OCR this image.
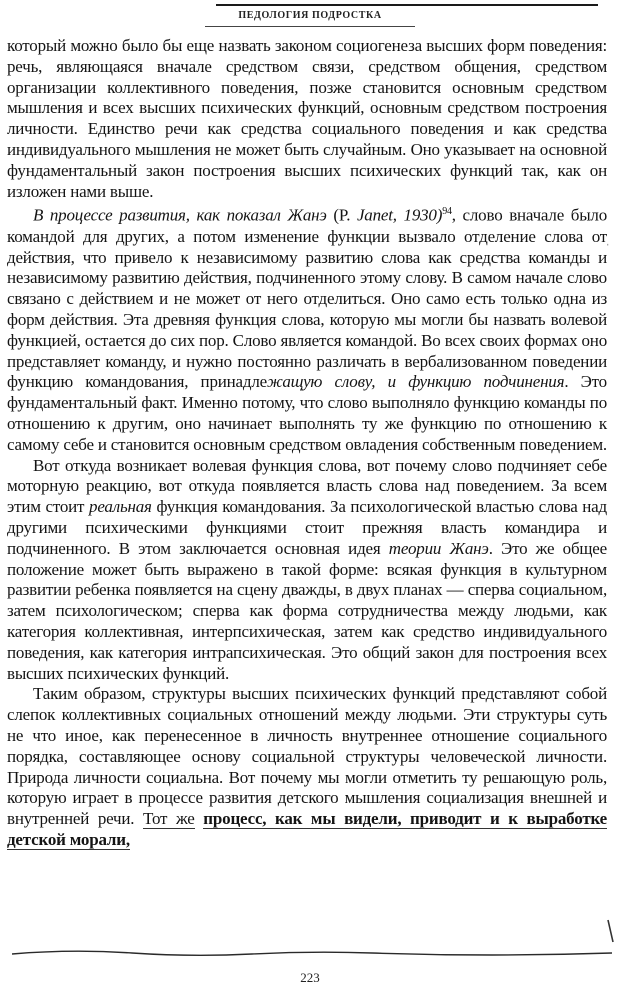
ПЕДОЛОГИЯ ПОДРОСТКА

который можно было бы еще назвать законом социогенеза высших форм поведения: речь, являющаяся вначале средством связи, средством общения, средством организации коллективного поведения, позже становится основным средством мышления и всех высших психических функций, основным средством построения личности. Единство речи как средства социального поведения и как средства индивидуального мышления не может быть случайным. Оно указывает на основной фундаментальный закон построения высших психических функций так, как он изложен нами выше.

В процессе развития, как показал Жанэ (P. Janet, 1930)$^{94}$, слово вначале было командой для других, а потом изменение функции вызвало отделение слова от действия, что привело к независимому развитию слова как средства команды и независимому развитию действия, подчиненного этому слову. В самом начале слово связано с действием и не может от него отделиться. Оно само есть только одна из форм действия. Эта древняя функция слова, которую мы могли бы назвать волевой функцией, остается до сих пор. Слово является командой. Во всех своих формах оно представляет команду, и нужно постоянно различать в вербализованном поведении функцию командования, принадлежащую слову, и функцию подчинения. Это фундаментальный факт. Именно потому, что слово выполняло функцию команды по отношению к другим, оно начинает выполнять ту же функцию по отношению к самому себе и становится основным средством овладения собственным поведением.

Вот откуда возникает волевая функция слова, вот почему слово подчиняет себе моторную реакцию, вот откуда появляется власть слова над поведением. За всем этим стоит реальная функция командования. За психологической властью слова над другими психическими функциями стоит прежняя власть командира и подчиненного. В этом заключается основная идея теории Жанэ. Это же общее положение может быть выражено в такой форме: всякая функция в культурном развитии ребенка появляется на сцену дважды, в двух планах — сперва социальном, затем психологическом; сперва как форма сотрудничества между людьми, как категория коллективная, интерпсихическая, затем как средство индивидуального поведения, как категория интрапсихическая. Это общий закон для построения всех высших психических функций.

Таким образом, структуры высших психических функций представляют собой слепок коллективных социальных отношений между людьми. Эти структуры суть не что иное, как перенесенное в личность внутреннее отношение социального порядка, составляющее основу социальной структуры человеческой личности. Природа личности социальна. Вот почему мы могли отметить ту решающую роль, которую играет в процессе развития детского мышления социализация внешней и внутренней речи. Тот же процесс, как мы видели, приводит и к выработке детской морали,

ˈ
223
